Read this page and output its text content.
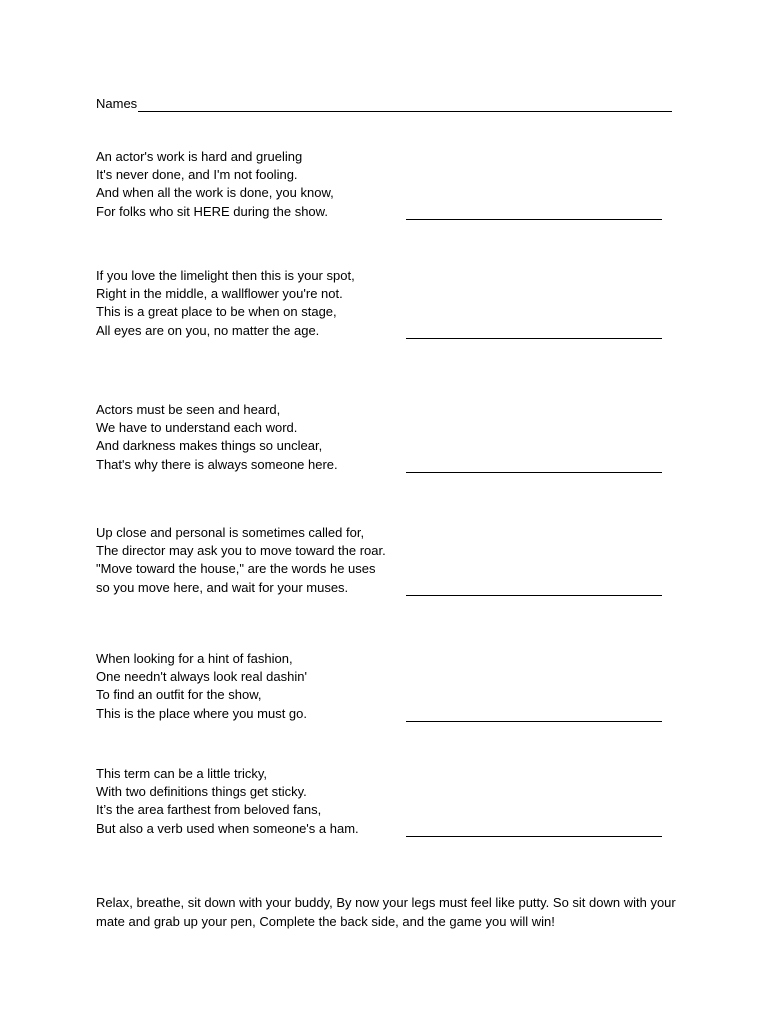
Names
An actor's work is hard and grueling
It's never done, and I'm not fooling.
And when all the work is done, you know,
For folks who sit HERE during the show.
If you love the limelight then this is your spot,
Right in the middle, a wallflower you're not.
This is a great place to be when on stage,
All eyes are on you, no matter the age.
Actors must be seen and heard,
We have to understand each word.
And darkness makes things so unclear,
That's why there is always someone here.
Up close and personal is sometimes called for,
The director may ask you to move toward the roar.
"Move toward the house," are the words he uses
so you move here, and wait for your muses.
When looking for a hint of fashion,
One needn't always look real dashin'
To find an outfit for the show,
This is the place where you must go.
This term can be a little tricky,
With two definitions things get sticky.
It’s the area farthest from beloved fans,
But also a verb used when someone's a ham.
Relax, breathe, sit down with your buddy, By now your legs must feel like putty. So sit down with your mate and grab up your pen, Complete the back side, and the game you will win!
